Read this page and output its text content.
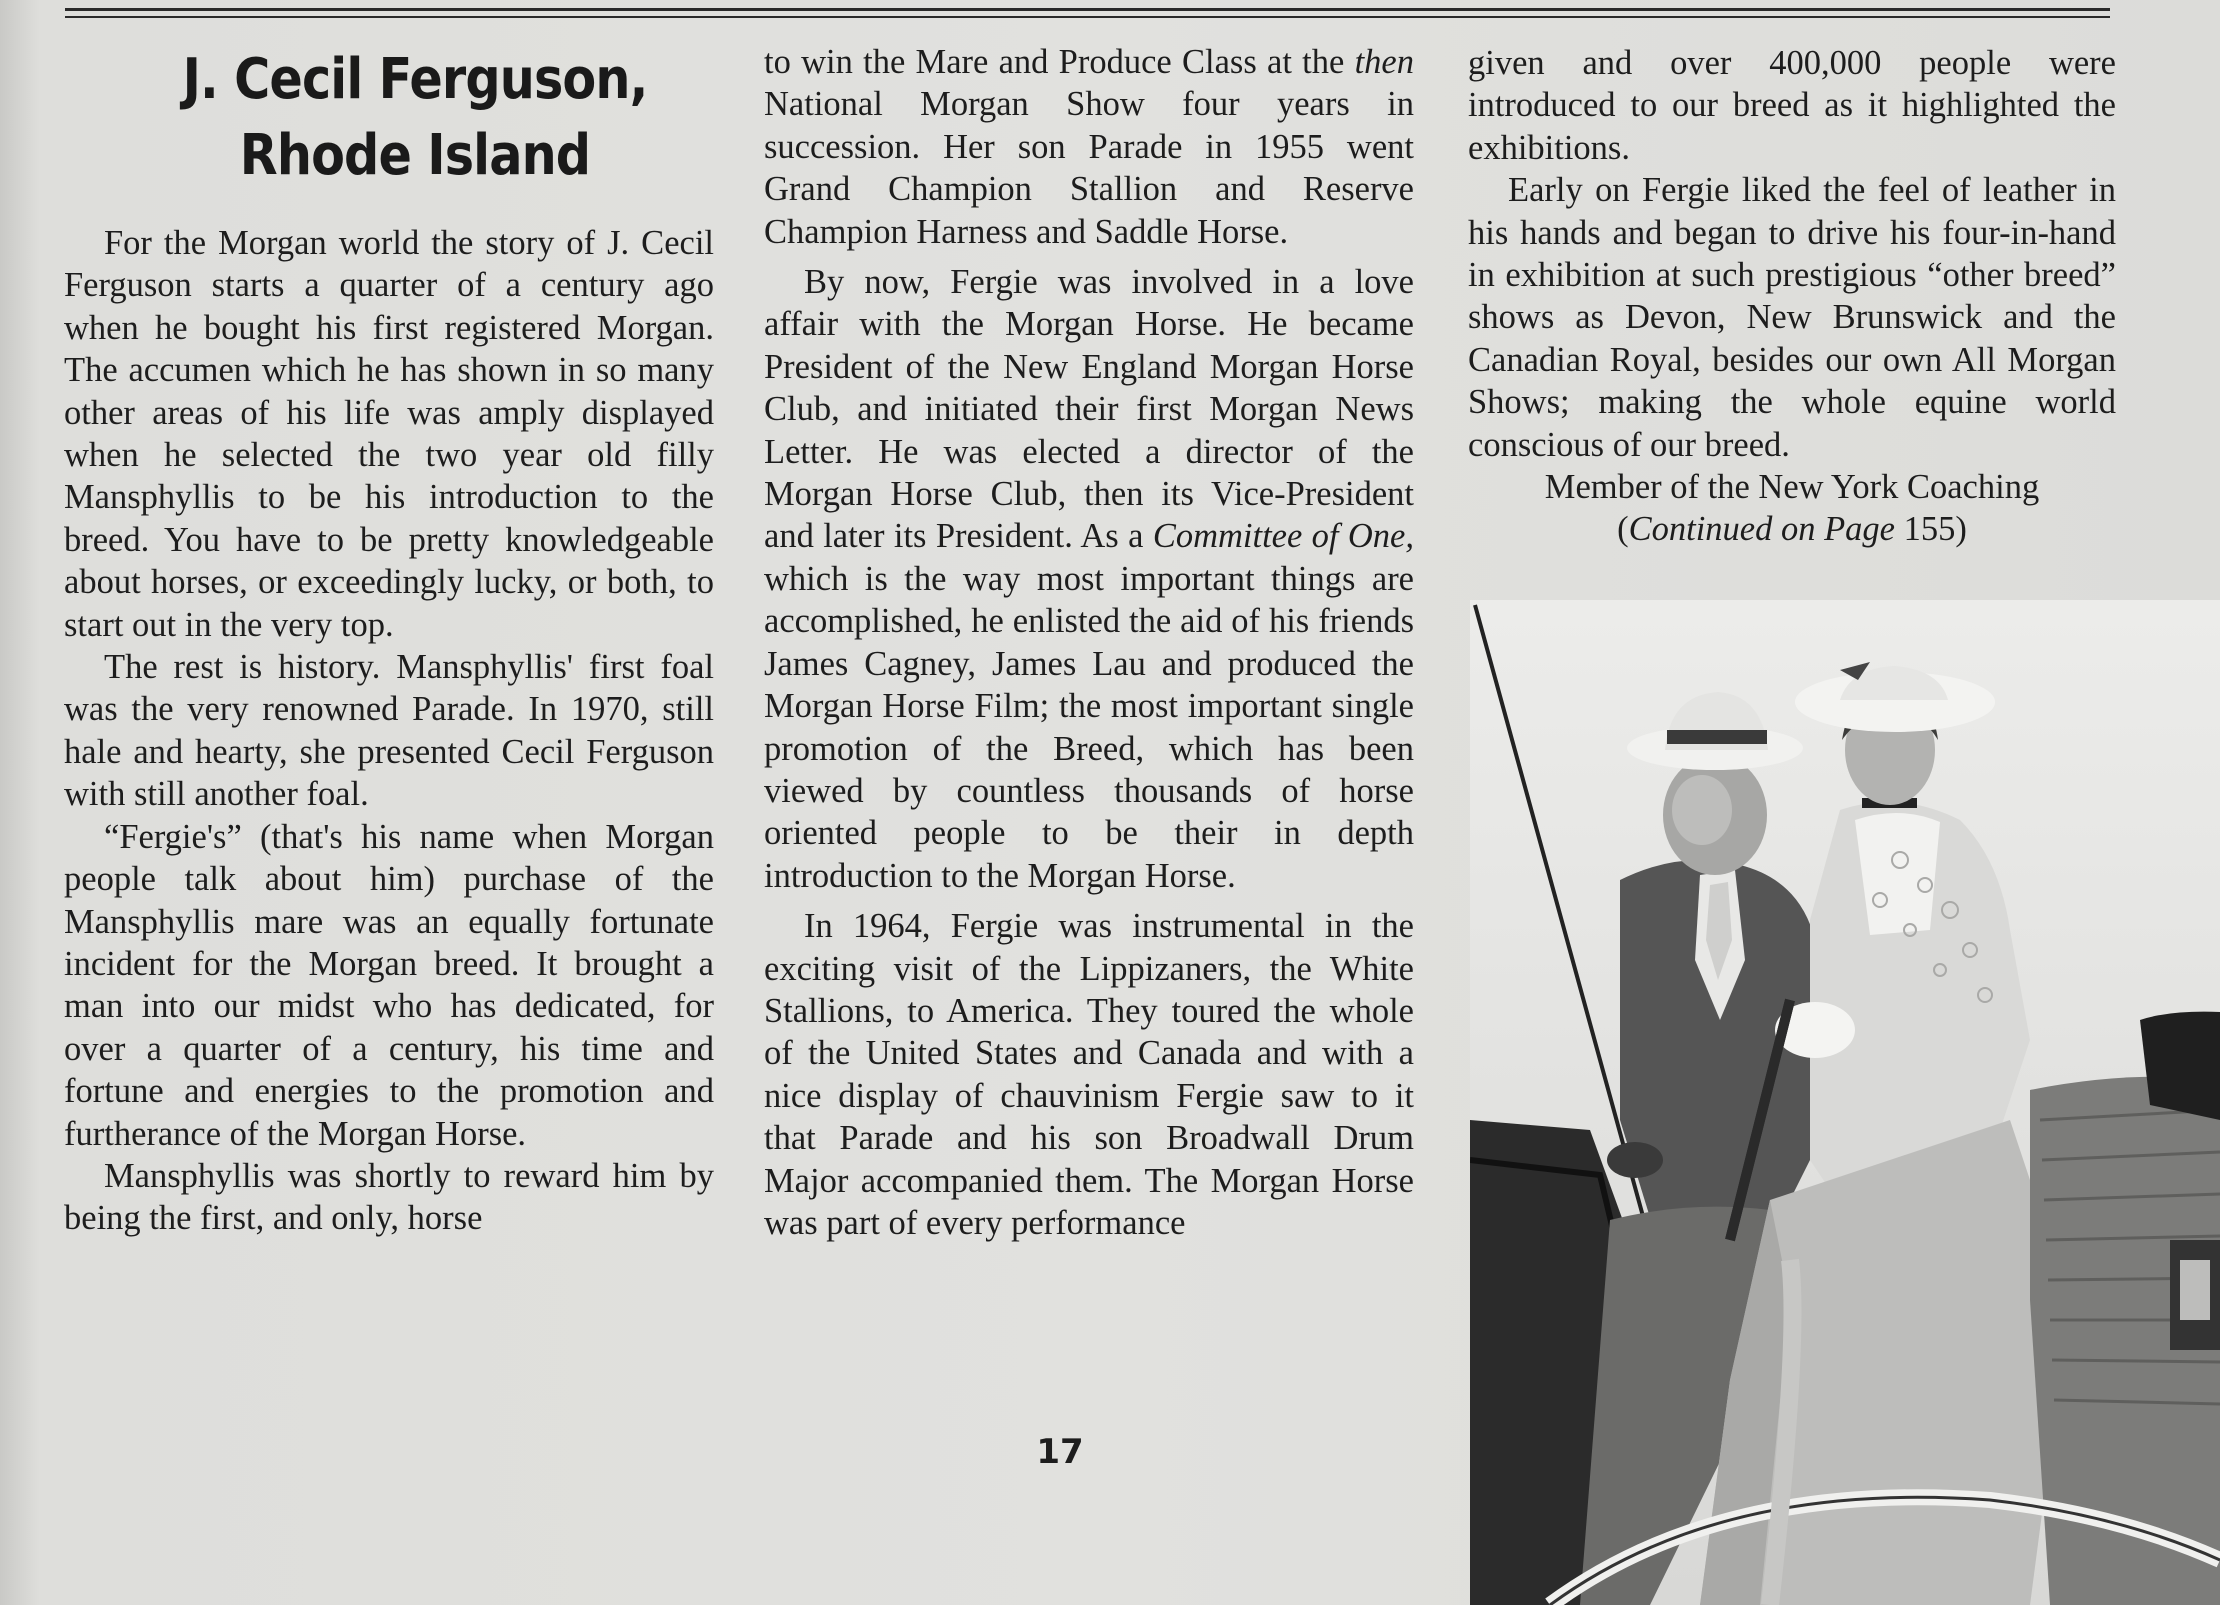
J. Cecil Ferguson,
Rhode Island

For the Morgan world the story of J. Cecil Ferguson starts a quarter of a century ago when he bought his first registered Morgan. The accumen which he has shown in so many other areas of his life was amply displayed when he selected the two year old filly Mansphyllis to be his introduction to the breed. You have to be pretty knowledgeable about horses, or exceedingly lucky, or both, to start out in the very top.

The rest is history. Mansphyllis' first foal was the very renowned Parade. In 1970, still hale and hearty, she presented Cecil Ferguson with still another foal.

“Fergie's” (that's his name when Morgan people talk about him) purchase of the Mansphyllis mare was an equally fortunate incident for the Morgan breed. It brought a man into our midst who has dedicated, for over a quarter of a century, his time and fortune and energies to the promotion and furtherance of the Morgan Horse.

Mansphyllis was shortly to reward him by being the first, and only, horse

to win the Mare and Produce Class at the then National Morgan Show four years in succession. Her son Parade in 1955 went Grand Champion Stallion and Reserve Champion Harness and Saddle Horse.

By now, Fergie was involved in a love affair with the Morgan Horse. He became President of the New England Morgan Horse Club, and initiated their first Morgan News Letter. He was elected a director of the Morgan Horse Club, then its Vice-President and later its President. As a Committee of One, which is the way most important things are accomplished, he enlisted the aid of his friends James Cagney, James Lau and produced the Morgan Horse Film; the most important single promotion of the Breed, which has been viewed by countless thousands of horse oriented people to be their in depth introduction to the Morgan Horse.

In 1964, Fergie was instrumental in the exciting visit of the Lippizaners, the White Stallions, to America. They toured the whole of the United States and Canada and with a nice display of chauvinism Fergie saw to it that Parade and his son Broadwall Drum Major accompanied them. The Morgan Horse was part of every performance

given and over 400,000 people were introduced to our breed as it highlighted the exhibitions.

Early on Fergie liked the feel of leather in his hands and began to drive his four-in-hand in exhibition at such prestigious “other breed” shows as Devon, New Brunswick and the Canadian Royal, besides our own All Morgan Shows; making the whole equine world conscious of our breed.

Member of the New York Coaching

(Continued on Page 155)

17
